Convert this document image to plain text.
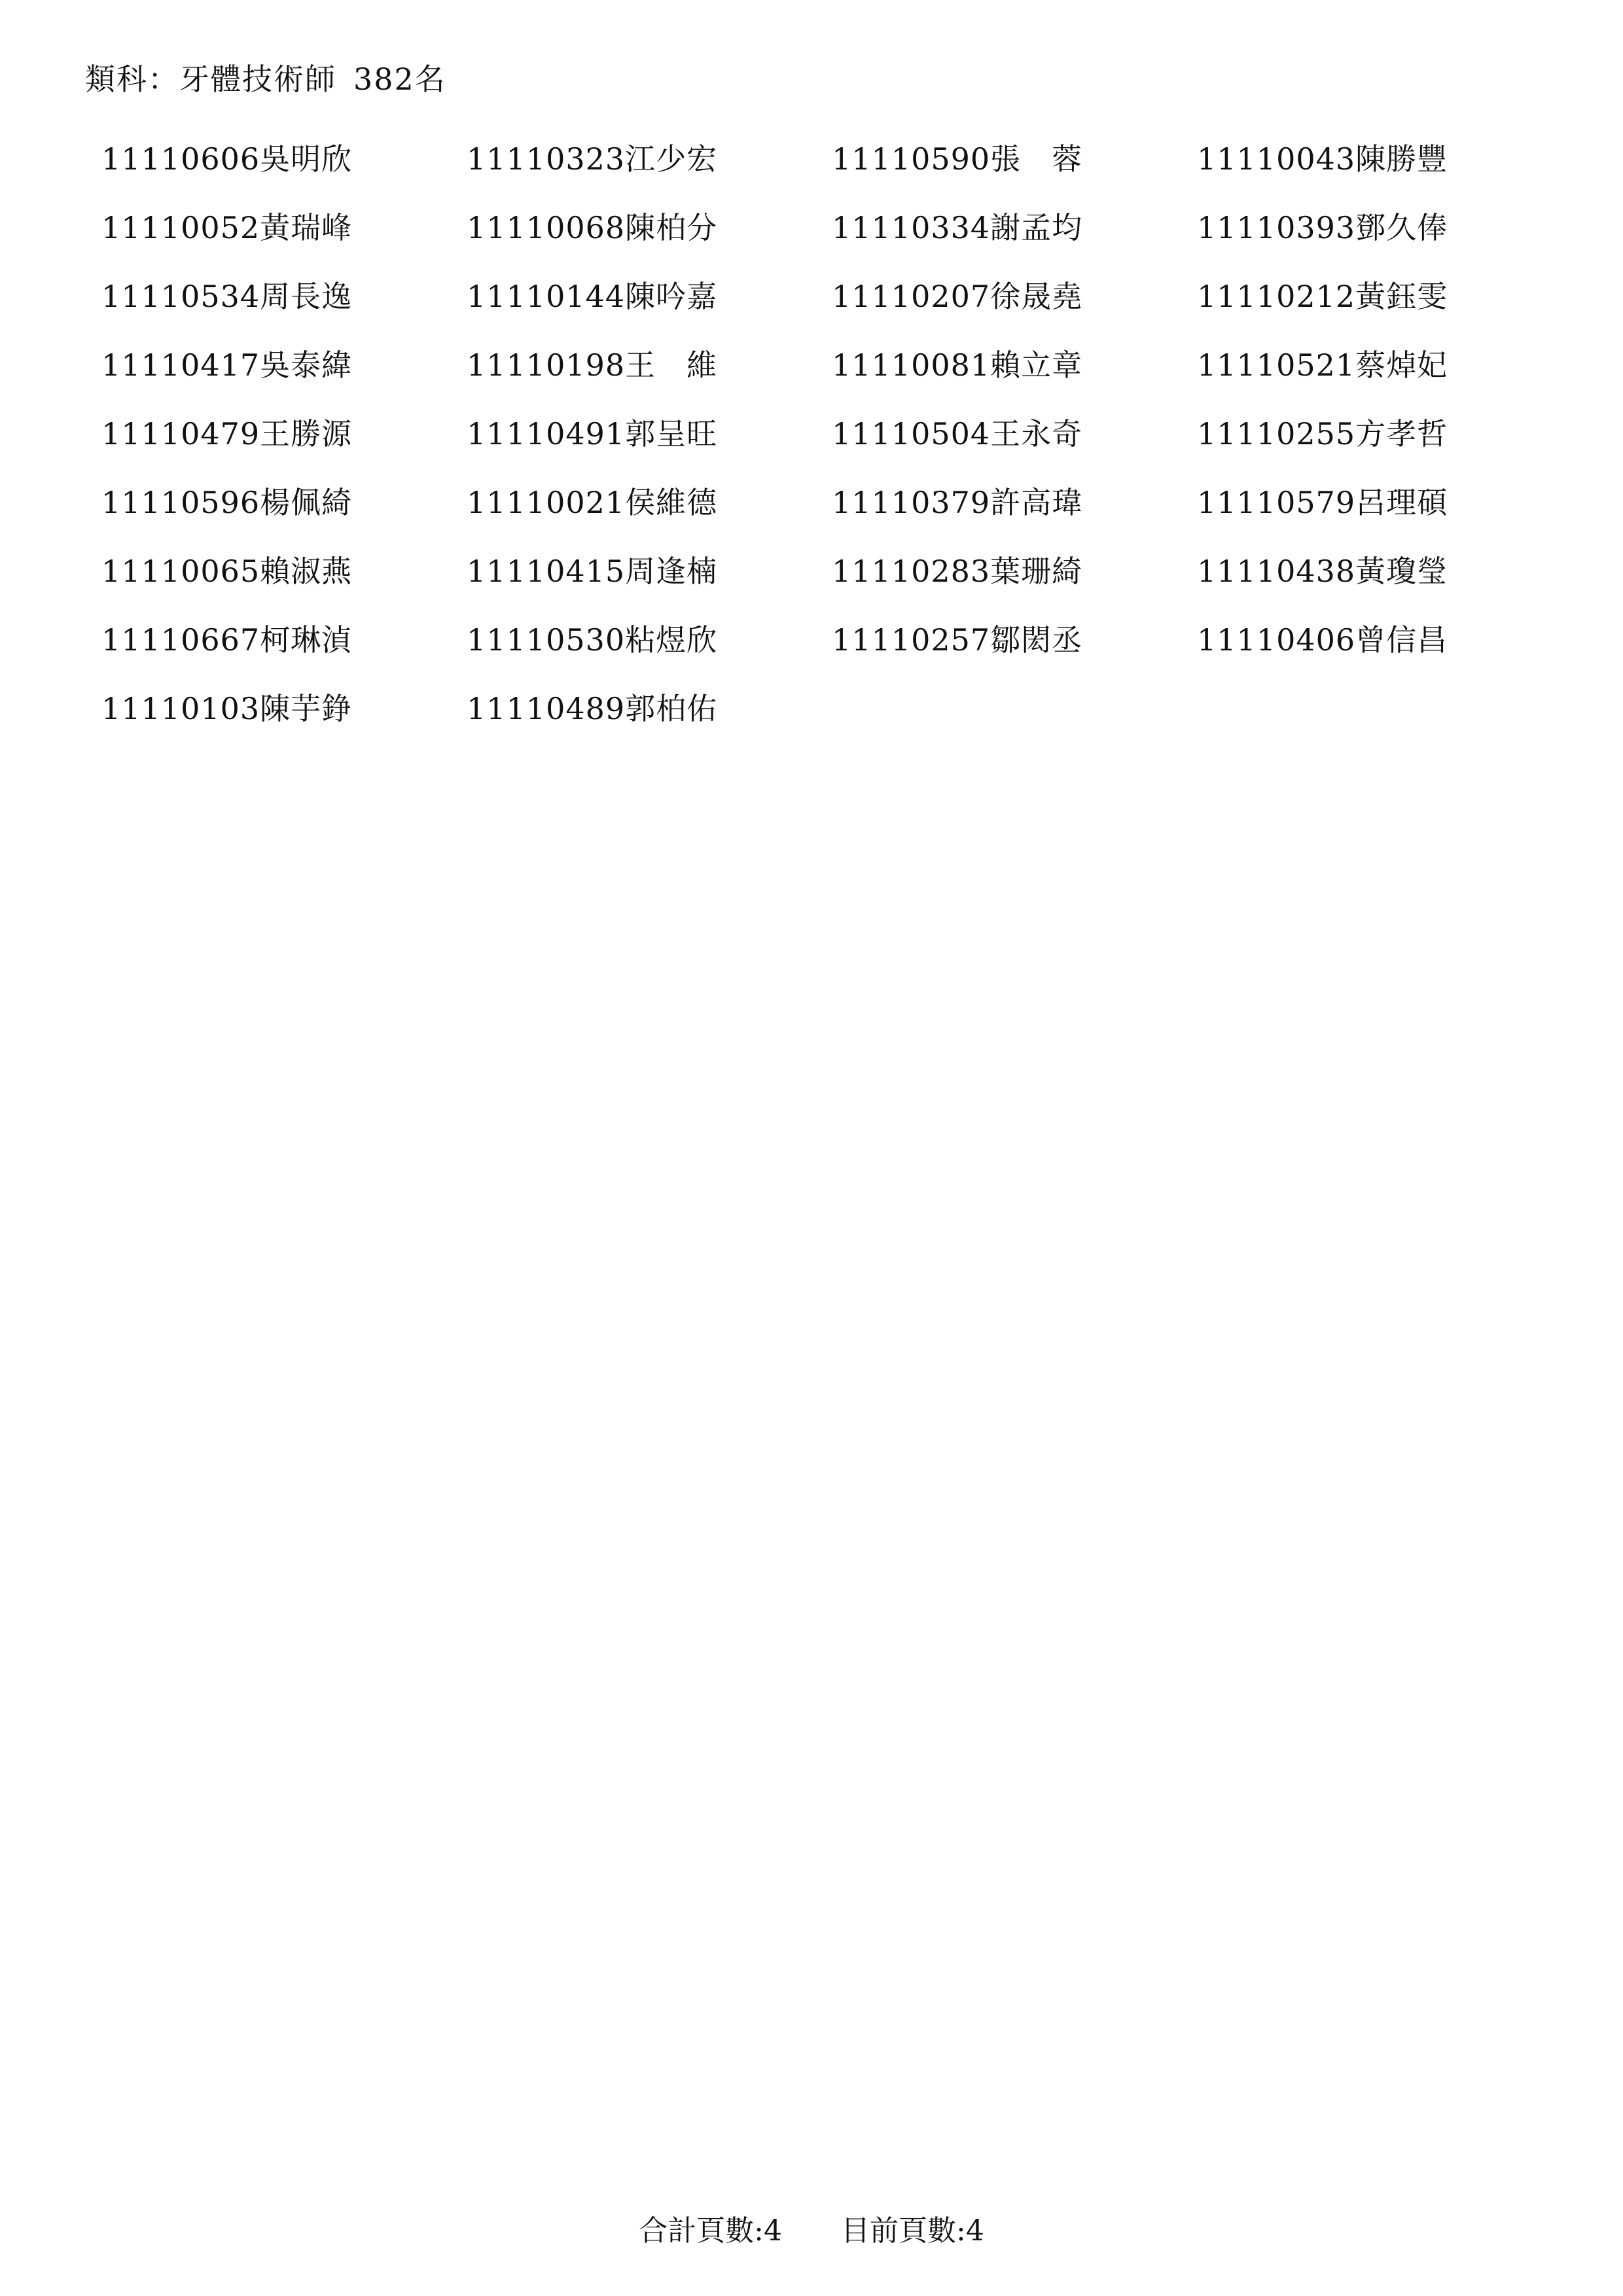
類科：牙體技術師 382名
11110606吳明欣	11110323江少宏	11110590張　蓉	11110043陳勝豐
11110052黃瑞峰	11110068陳柏分	11110334謝孟均	11110393鄧久俸
11110534周長逸	11110144陳吟嘉	11110207徐晟堯	11110212黃鈺雯
11110417吳泰緯	11110198王　維	11110081賴立章	11110521蔡焯妃
11110479王勝源	11110491郭呈旺	11110504王永奇	11110255方孝哲
11110596楊佩綺	11110021侯維德	11110379許高瑋	11110579呂理碩
11110065賴淑燕	11110415周逢楠	11110283葉珊綺	11110438黃瓊瑩
11110667柯琳湞	11110530粘煜欣	11110257鄒閎丞	11110406曾信昌
11110103陳芋錚	11110489郭柏佑
合計頁數:4 目前頁數:4
